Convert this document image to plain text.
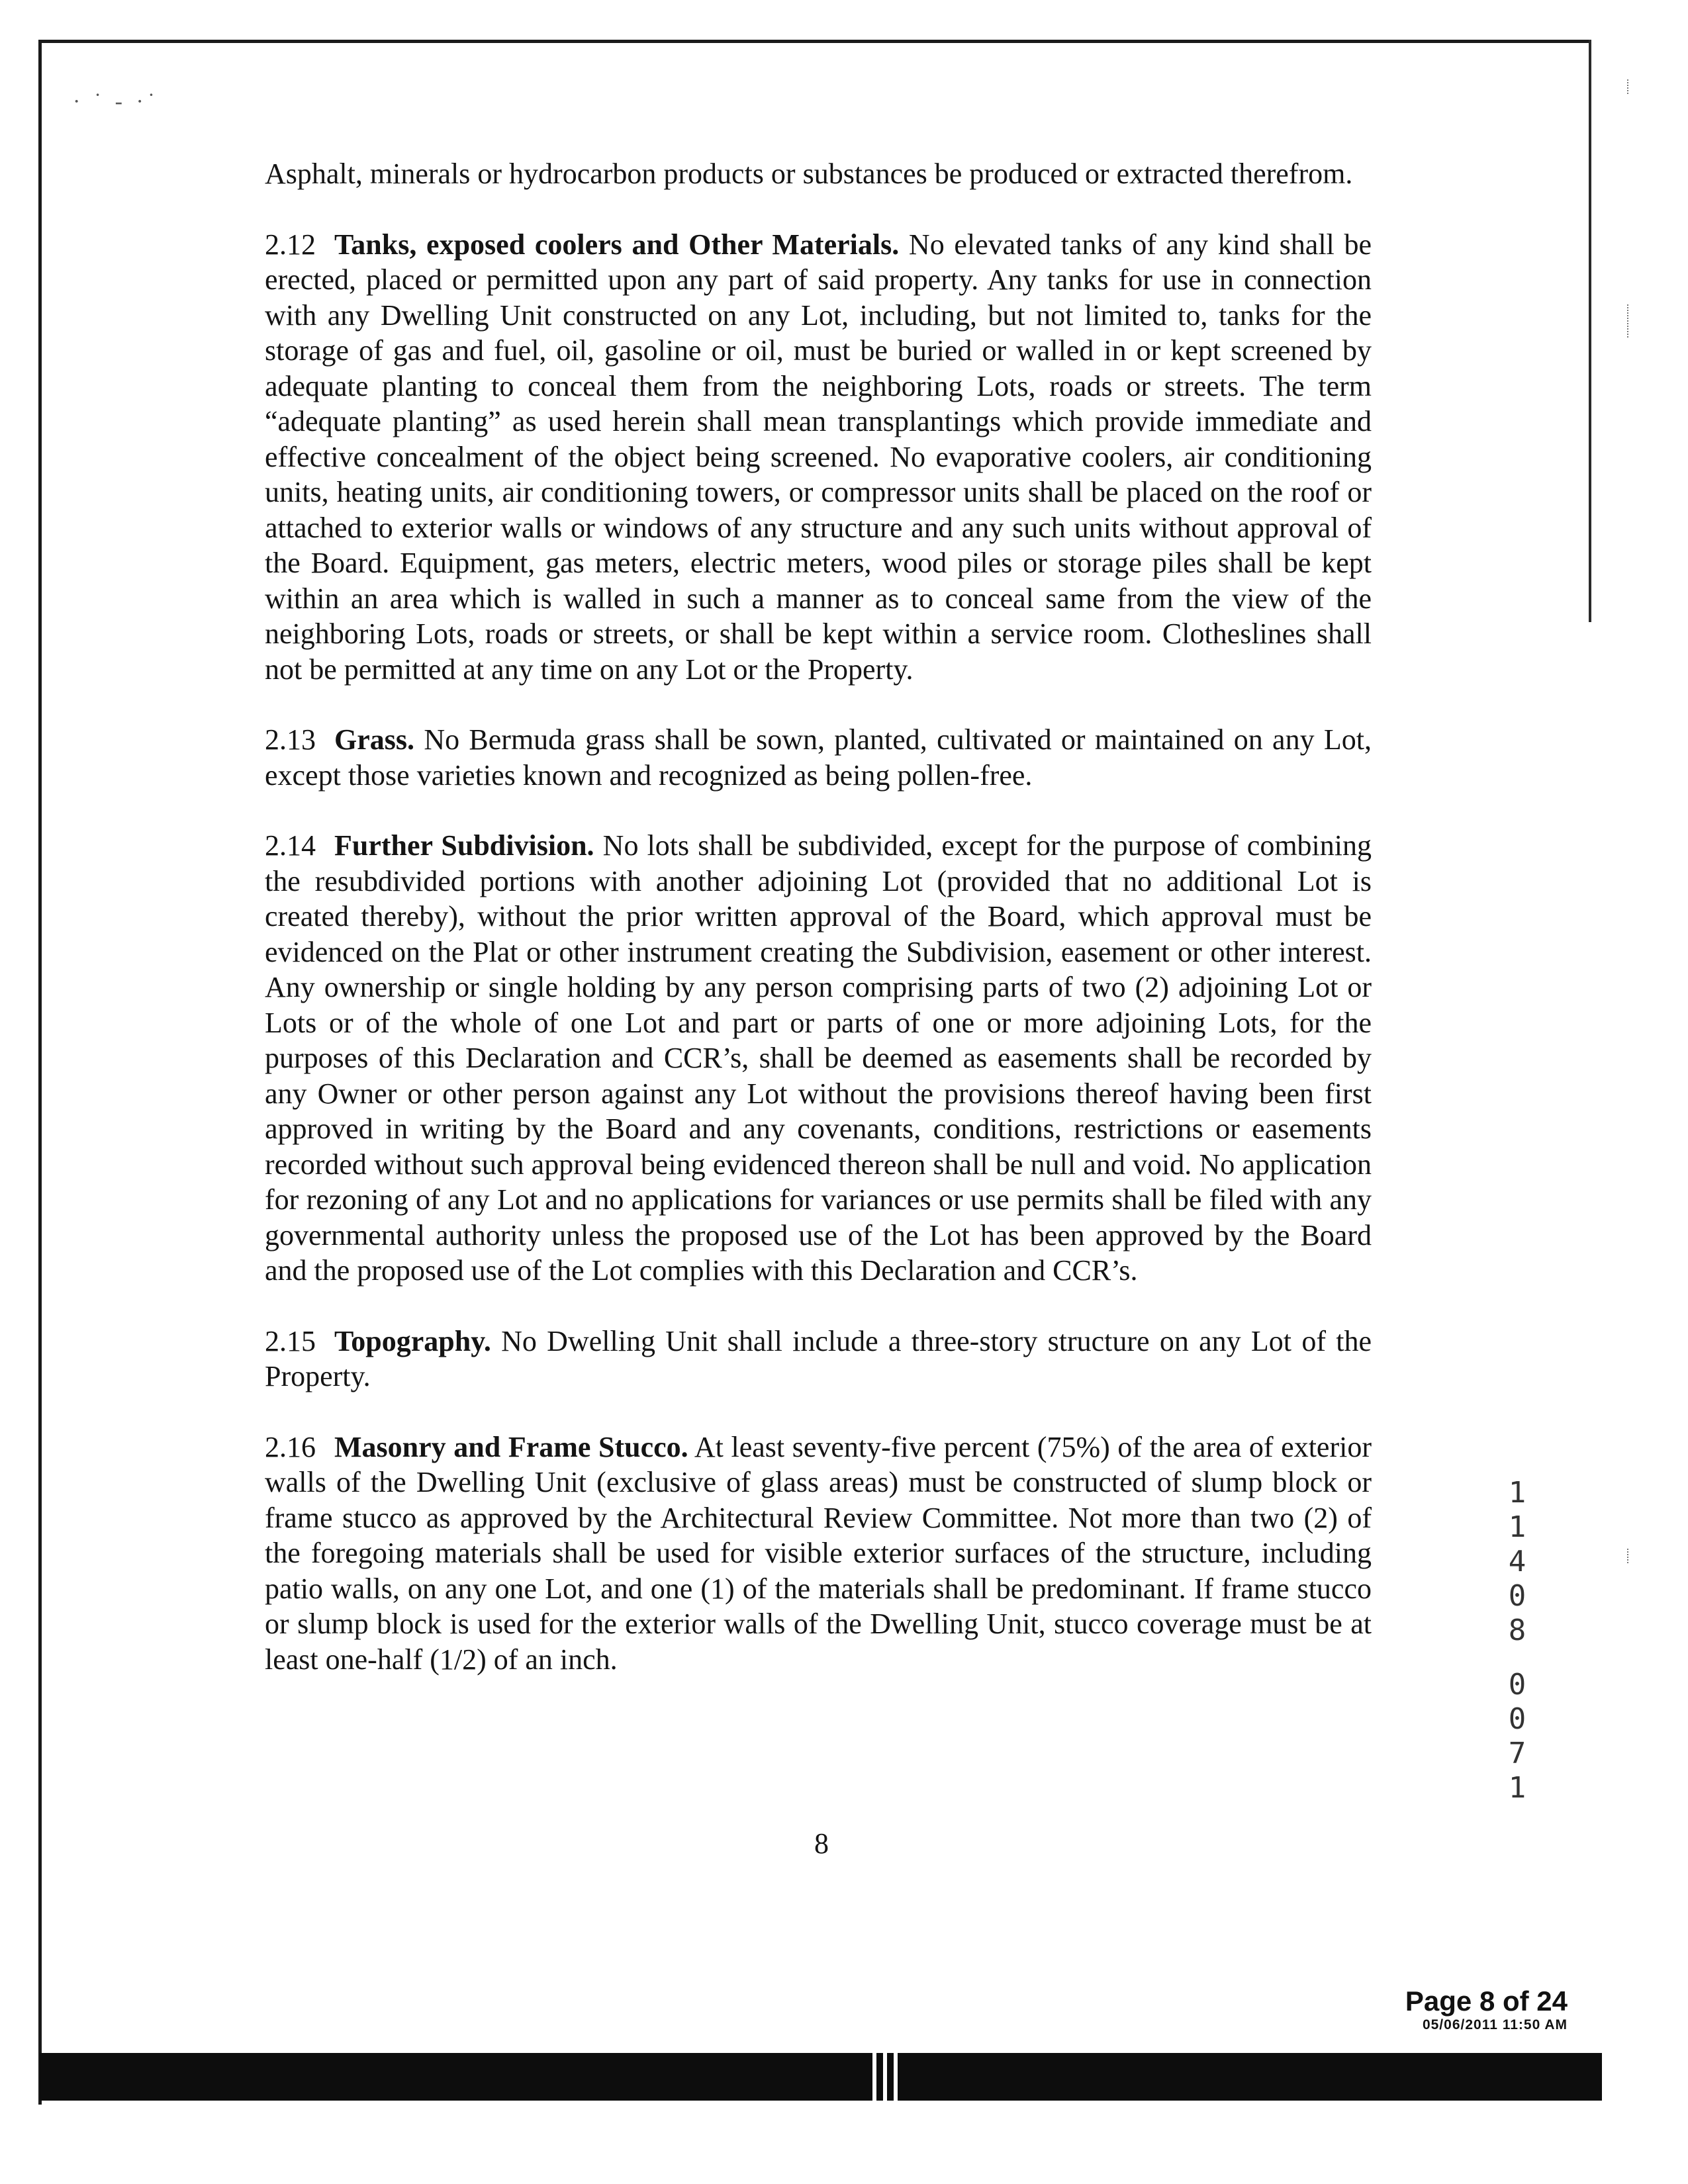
· ˙ ‐ ·˙

Asphalt, minerals or hydrocarbon products or substances be produced or extracted therefrom.

2.12 Tanks, exposed coolers and Other Materials. No elevated tanks of any kind shall be erected, placed or permitted upon any part of said property. Any tanks for use in connection with any Dwelling Unit constructed on any Lot, including, but not limited to, tanks for the storage of gas and fuel, oil, gasoline or oil, must be buried or walled in or kept screened by adequate planting to conceal them from the neighboring Lots, roads or streets. The term “adequate planting” as used herein shall mean transplantings which provide immediate and effective concealment of the object being screened. No evaporative coolers, air conditioning units, heating units, air conditioning towers, or compressor units shall be placed on the roof or attached to exterior walls or windows of any structure and any such units without approval of the Board. Equipment, gas meters, electric meters, wood piles or storage piles shall be kept within an area which is walled in such a manner as to conceal same from the view of the neighboring Lots, roads or streets, or shall be kept within a service room. Clotheslines shall not be permitted at any time on any Lot or the Property.

2.13 Grass. No Bermuda grass shall be sown, planted, cultivated or maintained on any Lot, except those varieties known and recognized as being pollen-free.

2.14 Further Subdivision. No lots shall be subdivided, except for the purpose of combining the resubdivided portions with another adjoining Lot (provided that no additional Lot is created thereby), without the prior written approval of the Board, which approval must be evidenced on the Plat or other instrument creating the Subdivision, easement or other interest. Any ownership or single holding by any person comprising parts of two (2) adjoining Lot or Lots or of the whole of one Lot and part or parts of one or more adjoining Lots, for the purposes of this Declaration and CCR’s, shall be deemed as easements shall be recorded by any Owner or other person against any Lot without the provisions thereof having been first approved in writing by the Board and any covenants, conditions, restrictions or easements recorded without such approval being evidenced thereon shall be null and void. No application for rezoning of any Lot and no applications for variances or use permits shall be filed with any governmental authority unless the proposed use of the Lot has been approved by the Board and the proposed use of the Lot complies with this Declaration and CCR’s.

2.15 Topography. No Dwelling Unit shall include a three-story structure on any Lot of the Property.

2.16 Masonry and Frame Stucco. At least seventy-five percent (75%) of the area of exterior walls of the Dwelling Unit (exclusive of glass areas) must be constructed of slump block or frame stucco as approved by the Architectural Review Committee. Not more than two (2) of the foregoing materials shall be used for visible exterior surfaces of the structure, including patio walls, on any one Lot, and one (1) of the materials shall be predominant. If frame stucco or slump block is used for the exterior walls of the Dwelling Unit, stucco coverage must be at least one-half (1/2) of an inch.

8
1
1
4
0
8
0
0
7
1
Page 8 of 24
05/06/2011 11:50 AM
